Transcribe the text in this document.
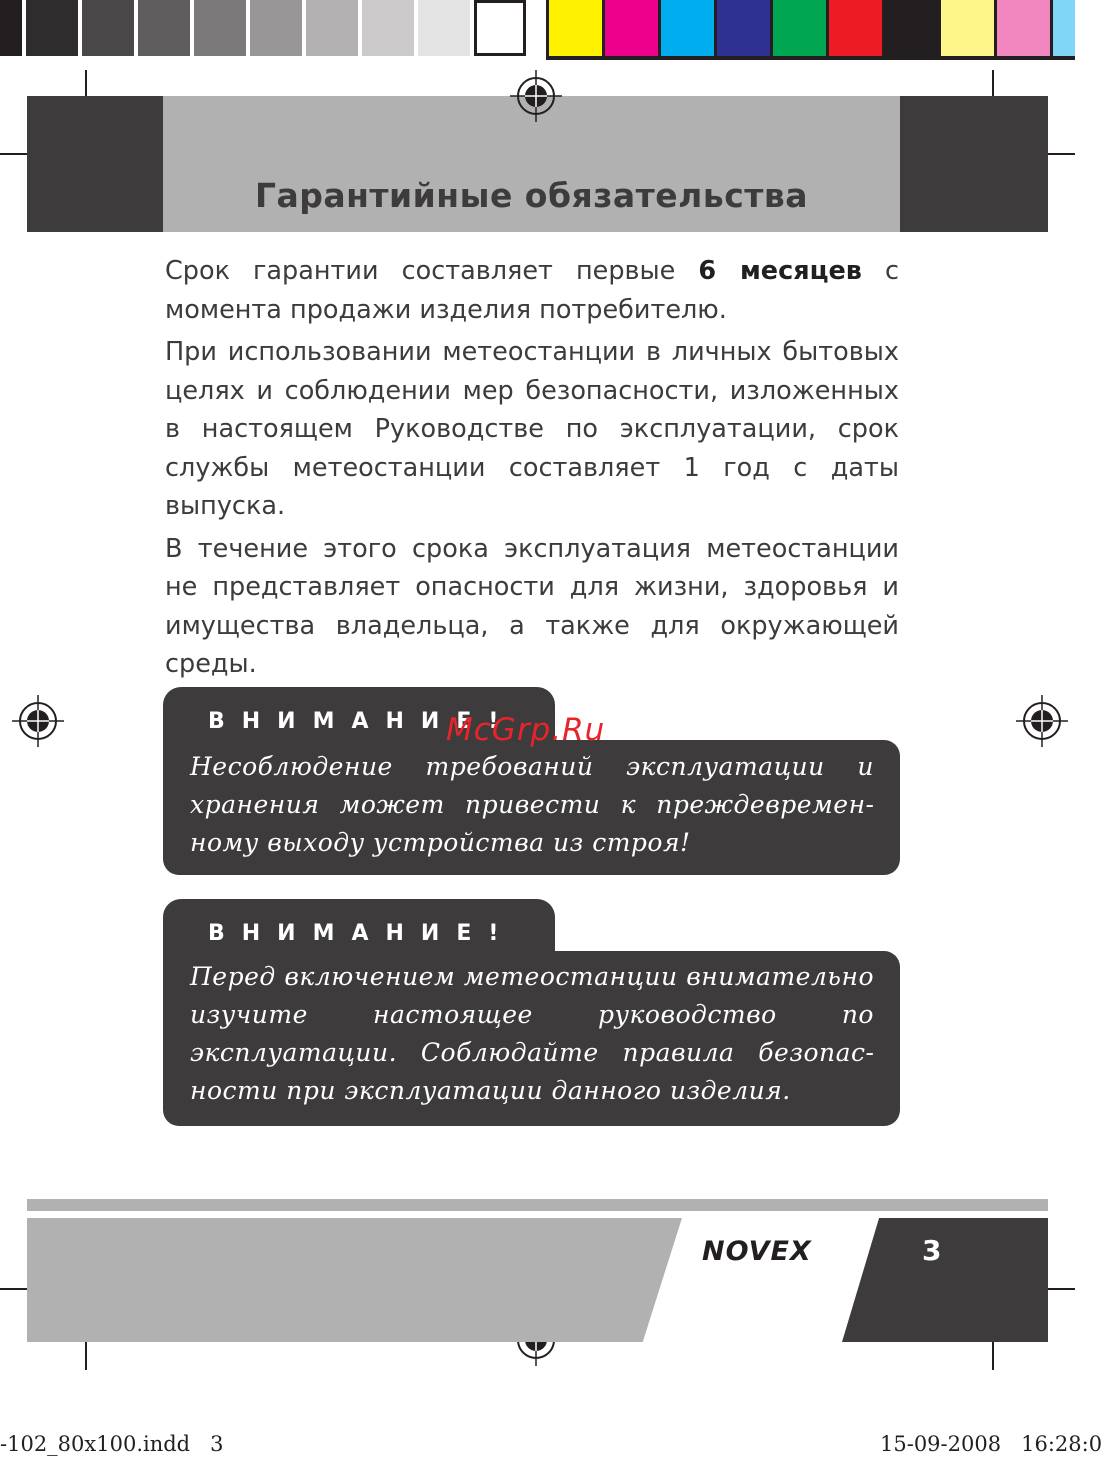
Гарантийные обязательства

Срок гарантии составляет первые 6 месяцев с момента продажи изделия потребителю.

При использовании метеостанции в личных бытовых целях и соблюдении мер безопасности, изложенных в настоящем Руководстве по эксплуатации, срок службы метеостанции составляет 1 год с даты выпуска.

В течение этого срока эксплуатация метеостанции не представляет опасности для жизни, здоровья и имущества владельца, а также для окружающей среды.

ВНИМАНИЕ!
Несоблюдение требований эксплуатации и хранения может привести к преждевременному выходу устройства из строя!
McGrp.Ru
ВНИМАНИЕ!
Перед включением метеостанции внимательно изучите настоящее руководство по эксплуатации. Соблюдайте правила безопасности при эксплуатации данного изделия.
NOVEX	3
-102_80x100.indd   3	15-09-2008   16:28:0
